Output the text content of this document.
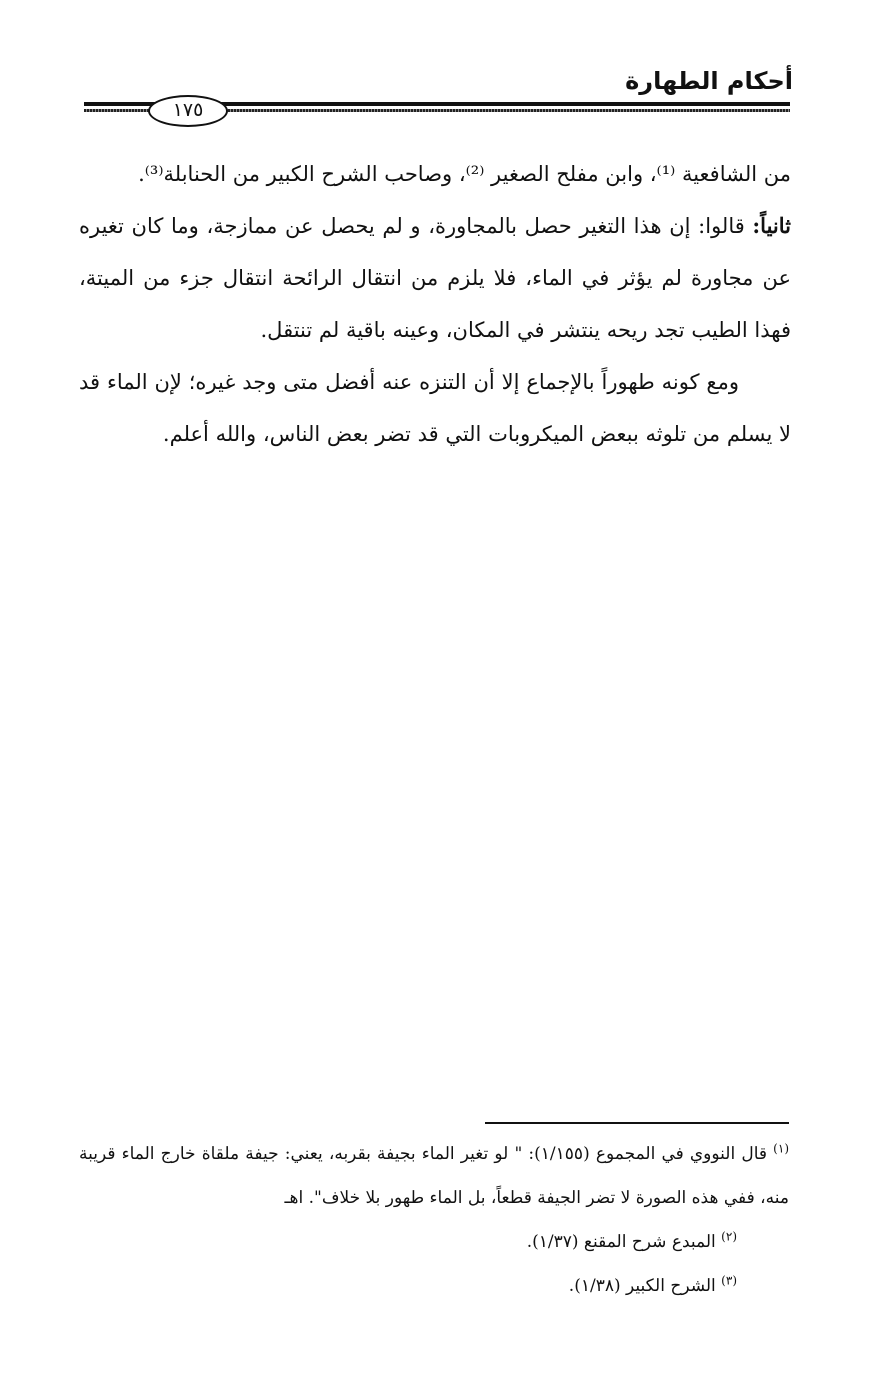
أحكام الطهارة
١٧٥

من الشافعية ⁽¹⁾، وابن مفلح الصغير ⁽²⁾، وصاحب الشرح الكبير من الحنابلة⁽³⁾.

ثانياً: قالوا: إن هذا التغير حصل بالمجاورة، و لم يحصل عن ممازجة، وما كان تغيره عن مجاورة لم يؤثر في الماء، فلا يلزم من انتقال الرائحة انتقال جزء من الميتة، فهذا الطيب تجد ريحه ينتشر في المكان، وعينه باقية لم تنتقل.

ومع كونه طهوراً بالإجماع إلا أن التنزه عنه أفضل متى وجد غيره؛ لإن الماء قد لا يسلم من تلوثه ببعض الميكروبات التي قد تضر بعض الناس، والله أعلم.

$^{(١)}$ قال النووي في المجموع (١/١٥٥): " لو تغير الماء بجيفة بقربه، يعني: جيفة ملقاة خارج الماء قريبة منه، ففي هذه الصورة لا تضر الجيفة قطعاً، بل الماء طهور بلا خلاف". اهـ

$^{(٢)}$ المبدع شرح المقنع (١/٣٧).

$^{(٣)}$ الشرح الكبير (١/٣٨).
